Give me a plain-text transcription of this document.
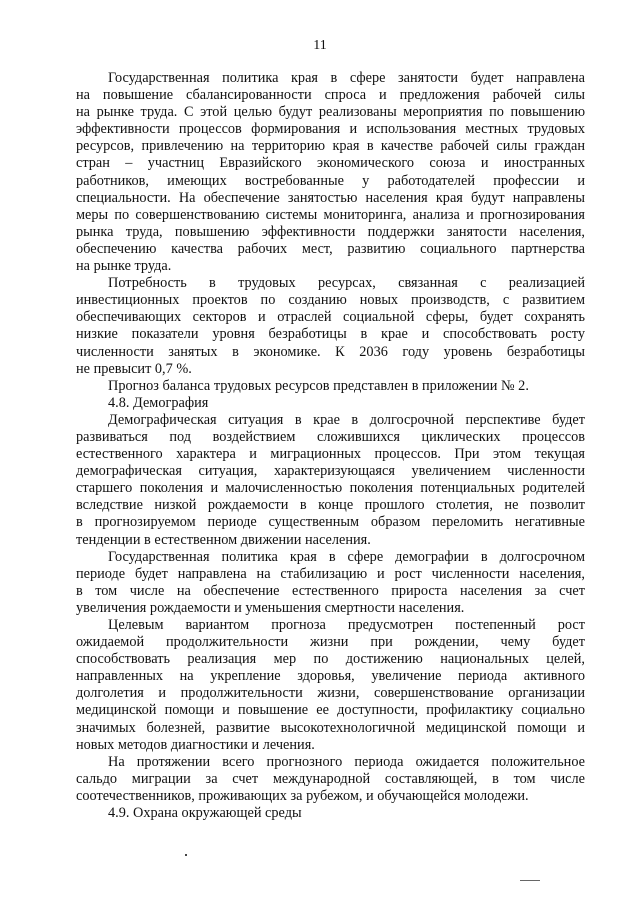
11
Государственная политика края в сфере занятости будет направлена
на повышение сбалансированности спроса и предложения рабочей силы
на рынке труда. С этой целью будут реализованы мероприятия по повышению
эффективности процессов формирования и использования местных трудовых
ресурсов, привлечению на территорию края в качестве рабочей силы граждан
стран – участниц Евразийского экономического союза и иностранных
работников, имеющих востребованные у работодателей профессии и
специальности. На обеспечение занятостью населения края будут направлены
меры по совершенствованию системы мониторинга, анализа и прогнозирования
рынка труда, повышению эффективности поддержки занятости населения,
обеспечению качества рабочих мест, развитию социального партнерства
на рынке труда.
Потребность в трудовых ресурсах, связанная с реализацией
инвестиционных проектов по созданию новых производств, с развитием
обеспечивающих секторов и отраслей социальной сферы, будет сохранять
низкие показатели уровня безработицы в крае и способствовать росту
численности занятых в экономике. К 2036 году уровень безработицы
не превысит 0,7 %.
Прогноз баланса трудовых ресурсов представлен в приложении № 2.
4.8. Демография
Демографическая ситуация в крае в долгосрочной перспективе будет
развиваться под воздействием сложившихся циклических процессов
естественного характера и миграционных процессов. При этом текущая
демографическая ситуация, характеризующаяся увеличением численности
старшего поколения и малочисленностью поколения потенциальных родителей
вследствие низкой рождаемости в конце прошлого столетия, не позволит
в прогнозируемом периоде существенным образом переломить негативные
тенденции в естественном движении населения.
Государственная политика края в сфере демографии в долгосрочном
периоде будет направлена на стабилизацию и рост численности населения,
в том числе на обеспечение естественного прироста населения за счет
увеличения рождаемости и уменьшения смертности населения.
Целевым вариантом прогноза предусмотрен постепенный рост
ожидаемой продолжительности жизни при рождении, чему будет
способствовать реализация мер по достижению национальных целей,
направленных на укрепление здоровья, увеличение периода активного
долголетия и продолжительности жизни, совершенствование организации
медицинской помощи и повышение ее доступности, профилактику социально
значимых болезней, развитие высокотехнологичной медицинской помощи и
новых методов диагностики и лечения.
На протяжении всего прогнозного периода ожидается положительное
сальдо миграции за счет международной составляющей, в том числе
соотечественников, проживающих за рубежом, и обучающейся молодежи.
4.9. Охрана окружающей среды
